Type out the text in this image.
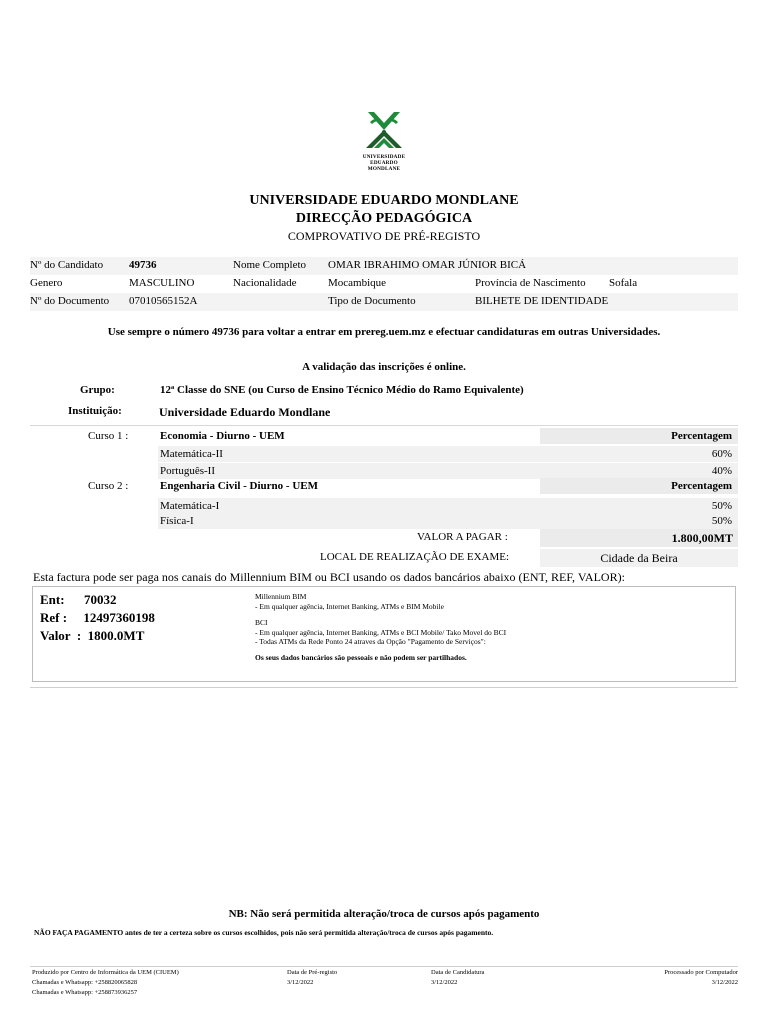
UNIVERSIDADE
EDUARDO
MONDLANE
UNIVERSIDADE EDUARDO MONDLANE
DIRECÇÃO PEDAGÓGICA
COMPROVATIVO DE PRÉ-REGISTO
Nº do Candidato 49736	Nome Completo OMAR IBRAHIMO OMAR JÚNIOR BICÁ
Genero	MASCULINO	Nacionalidade	Mocambique	Província de Nascimento Sofala
Nº do Documento 07010565152A	Tipo de Documento	BILHETE DE IDENTIDADE
Use sempre o número 49736 para voltar a entrar em prereg.uem.mz e efectuar candidaturas em outras Universidades.
A validação das inscrições é online.
Grupo:	12ª Classe do SNE (ou Curso de Ensino Técnico Médio do Ramo Equivalente)
Instituição:	Universidade Eduardo Mondlane
Curso 1 :	Economia - Diurno - UEM	Percentagem
Matemática-II	60%
Português-II	40%
Curso 2 :	Engenharia Civil - Diurno - UEM	Percentagem
Matemática-I	50%
Física-I	50%
VALOR A PAGAR :	1.800,00MT
LOCAL DE REALIZAÇÃO DE EXAME:	Cidade da Beira
Esta factura pode ser paga nos canais do Millennium BIM ou BCI usando os dados bancários abaixo (ENT, REF, VALOR):
Ent:      70032
Ref :     12497360198
Valor  :  1800.0MT
Millennium BIM
- Em qualquer agência, Internet Banking, ATMs e BIM Mobile
BCI
- Em qualquer agência, Internet Banking, ATMs e BCI Mobile/ Tako Movel do BCI
- Todas ATMs da Rede Ponto 24 atraves da Opção "Pagamento de Serviços":
Os seus dados bancários são pessoais e não podem ser partilhados.
NB: Não será permitida alteração/troca de cursos após pagamento
NÃO FAÇA PAGAMENTO antes de ter a certeza sobre os cursos escolhidos, pois não será permitida alteração/troca de cursos após pagamento.
Produzido por Centro de Informática da UEM (CIUEM)
Chamadas e Whatsapp: +258820065828
Chamadas e Whatsapp: +258873936257
Data de Pré-registo
3/12/2022
Data de Candidatura
3/12/2022
Processado por Computador
3/12/2022
